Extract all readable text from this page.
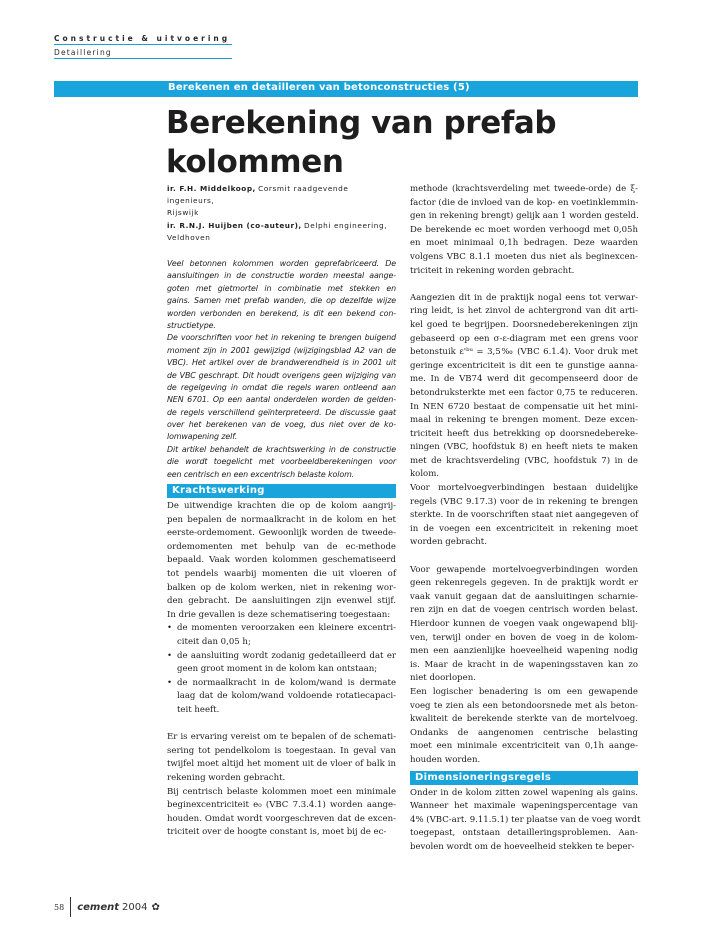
Constructie & uitvoering
Detaillering
Berekenen en detailleren van betonconstructies (5)
Berekening van prefab
kolommen
ir. F.H. Middelkoop, Corsmit raadgevende ingenieurs,
Rijswijk
ir. R.N.J. Huijben (co-auteur), Delphi engineering,
Veldhoven
Veel betonnen kolommen worden geprefabriceerd. De
aansluitingen in de constructie worden meestal aange-
goten met gietmortel in combinatie met stekken en
gains. Samen met prefab wanden, die op dezelfde wijze
worden verbonden en berekend, is dit een bekend con-
structietype.
De voorschriften voor het in rekening te brengen buigend
moment zijn in 2001 gewijzigd (wijzigingsblad A2 van de
VBC). Het artikel over de brandwerendheid is in 2001 uit
de VBC geschrapt. Dit houdt overigens geen wijziging van
de regelgeving in omdat die regels waren ontleend aan
NEN 6701. Op een aantal onderdelen worden de gelden-
de regels verschillend geïnterpreteerd. De discussie gaat
over het berekenen van de voeg, dus niet over de ko-
lomwapening zelf.
Dit artikel behandelt de krachtswerking in de constructie
die wordt toegelicht met voorbeeldberekeningen voor
een centrisch en een excentrisch belaste kolom.
Krachtswerking
De uitwendige krachten die op de kolom aangrij-
pen bepalen de normaalkracht in de kolom en het
eerste-ordemoment. Gewoonlijk worden de tweede-
ordemomenten met behulp van de eᴄ-methode
bepaald. Vaak worden kolommen geschematiseerd
tot pendels waarbij momenten die uit vloeren of
balken op de kolom werken, niet in rekening wor-
den gebracht. De aansluitingen zijn evenwel stijf.
In drie gevallen is deze schematisering toegestaan:
• de momenten veroorzaken een kleinere excentri-
citeit dan 0,05 h;
• de aansluiting wordt zodanig gedetailleerd dat er
geen groot moment in de kolom kan ontstaan;
• de normaalkracht in de kolom/wand is dermate
laag dat de kolom/wand voldoende rotatiecapaci-
teit heeft.
Er is ervaring vereist om te bepalen of de schemati-
sering tot pendelkolom is toegestaan. In geval van
twijfel moet altijd het moment uit de vloer of balk in
rekening worden gebracht.
Bij centrisch belaste kolommen moet een minimale
beginexcentriciteit e₀ (VBC 7.3.4.1) worden aange-
houden. Omdat wordt voorgeschreven dat de excen-
triciteit over de hoogte constant is, moet bij de eᴄ-
methode (krachtsverdeling met tweede-orde) de ξ-
factor (die de invloed van de kop- en voetinklemmin-
gen in rekening brengt) gelijk aan 1 worden gesteld.
De berekende eᴄ moet worden verhoogd met 0,05h
en moet minimaal 0,1h bedragen. Deze waarden
volgens VBC 8.1.1 moeten dus niet als beginexcen-
triciteit in rekening worden gebracht.
Aangezien dit in de praktijk nogal eens tot verwar-
ring leidt, is het zinvol de achtergrond van dit arti-
kel goed te begrijpen. Doorsnedeberekeningen zijn
gebaseerd op een σ-ε-diagram met een grens voor
betonstuik ε'ᵇᵘ = 3,5‰ (VBC 6.1.4). Voor druk met
geringe excentriciteit is dit een te gunstige aanna-
me. In de VB74 werd dit gecompenseerd door de
betondruksterkte met een factor 0,75 te reduceren.
In NEN 6720 bestaat de compensatie uit het mini-
maal in rekening te brengen moment. Deze excen-
triciteit heeft dus betrekking op doorsnedebereke-
ningen (VBC, hoofdstuk 8) en heeft niets te maken
met de krachtsverdeling (VBC, hoofdstuk 7) in de
kolom.
Voor mortelvoegverbindingen bestaan duidelijke
regels (VBC 9.17.3) voor de in rekening te brengen
sterkte. In de voorschriften staat niet aangegeven of
in de voegen een excentriciteit in rekening moet
worden gebracht.
Voor gewapende mortelvoegverbindingen worden
geen rekenregels gegeven. In de praktijk wordt er
vaak vanuit gegaan dat de aansluitingen scharnie-
ren zijn en dat de voegen centrisch worden belast.
Hierdoor kunnen de voegen vaak ongewapend blij-
ven, terwijl onder en boven de voeg in de kolom-
men een aanzienlijke hoeveelheid wapening nodig
is. Maar de kracht in de wapeningsstaven kan zo
niet doorlopen.
Een logischer benadering is om een gewapende
voeg te zien als een betondoorsnede met als beton-
kwaliteit de berekende sterkte van de mortelvoeg.
Ondanks de aangenomen centrische belasting
moet een minimale excentriciteit van 0,1h aange-
houden worden.
Dimensioneringsregels
Onder in de kolom zitten zowel wapening als gains.
Wanneer het maximale wapeningspercentage van
4% (VBC-art. 9.11.5.1) ter plaatse van de voeg wordt
toegepast, ontstaan detailleringsproblemen. Aan-
bevolen wordt om de hoeveelheid stekken te beper-
58 cement 2004 ✿
